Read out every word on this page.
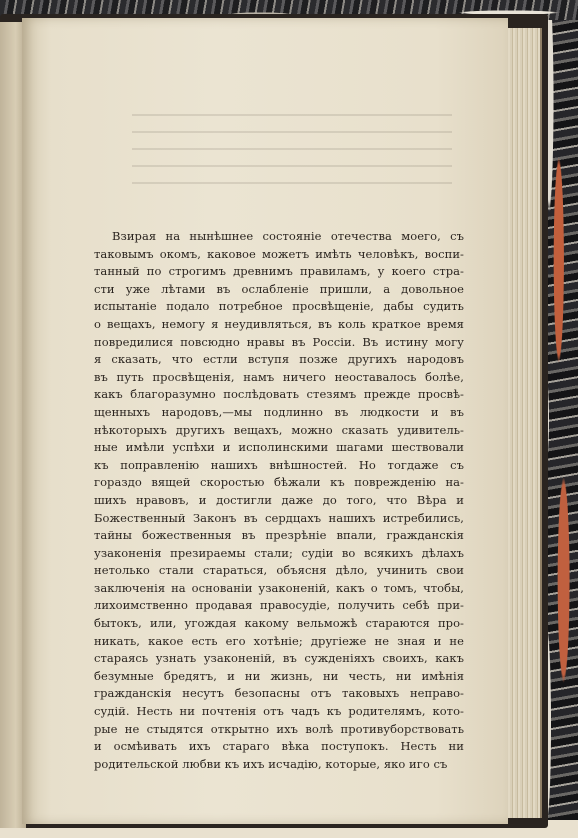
Взирая на нынѣшнее состоянiе отечества моего, съ
таковымъ окомъ, каковое можетъ имѣть человѣкъ, воспи-
танный по строгимъ древнимъ правиламъ, у коего стра-
сти уже лѣтами въ ослабленiе пришли, а довольное
испытанiе подало потребное просвѣщенiе, дабы судить
о вещахъ, немогу я неудивляться, въ коль краткое время
повредилися повсюдно нравы въ Россiи. Въ истину могу
я сказать, что естли вступя позже другихъ народовъ
въ путь просвѣщенiя, намъ ничего неоставалось болѣе,
какъ благоразумно послѣдовать стезямъ прежде просвѣ-
щенныхъ народовъ,—мы подлинно въ людкости и въ
нѣкоторыхъ другихъ вещахъ, можно сказать удивитель-
ные имѣли успѣхи и исполинскими шагами шествовали
къ поправленiю нашихъ внѣшностей. Но тогдаже съ
гораздо вящей скоростью бѣжали къ поврежденiю на-
шихъ нравовъ, и достигли даже до того, что Вѣра и
Божественный Законъ въ сердцахъ нашихъ истребились,
тайны божественныя въ презрѣнiе впали, гражданскiя
узаконенiя презираемы стали; судiи во всякихъ дѣлахъ
нетолько стали стараться, объясня дѣло, учинить свои
заключенiя на основанiи узаконенiй, какъ о томъ, чтобы,
лихоимственно продавая правосудiе, получить себѣ при-
бытокъ, или, угождая какому вельможѣ стараются про-
никать, какое есть его хотѣнiе; другiеже не зная и не
стараясь узнать узаконенiй, въ сужденiяхъ своихъ, какъ
безумные бредятъ, и ни жизнь, ни честь, ни имѣнiя
гражданскiя несутъ безопасны отъ таковыхъ неправо-
судiй. Несть ни почтенiя отъ чадъ къ родителямъ, кото-
рые не стыдятся открытно ихъ волѣ противуборствовать
и осмѣивать ихъ стараго вѣка поступокъ. Несть ни
родительской любви къ ихъ исчадiю, которые, яко иго съ
